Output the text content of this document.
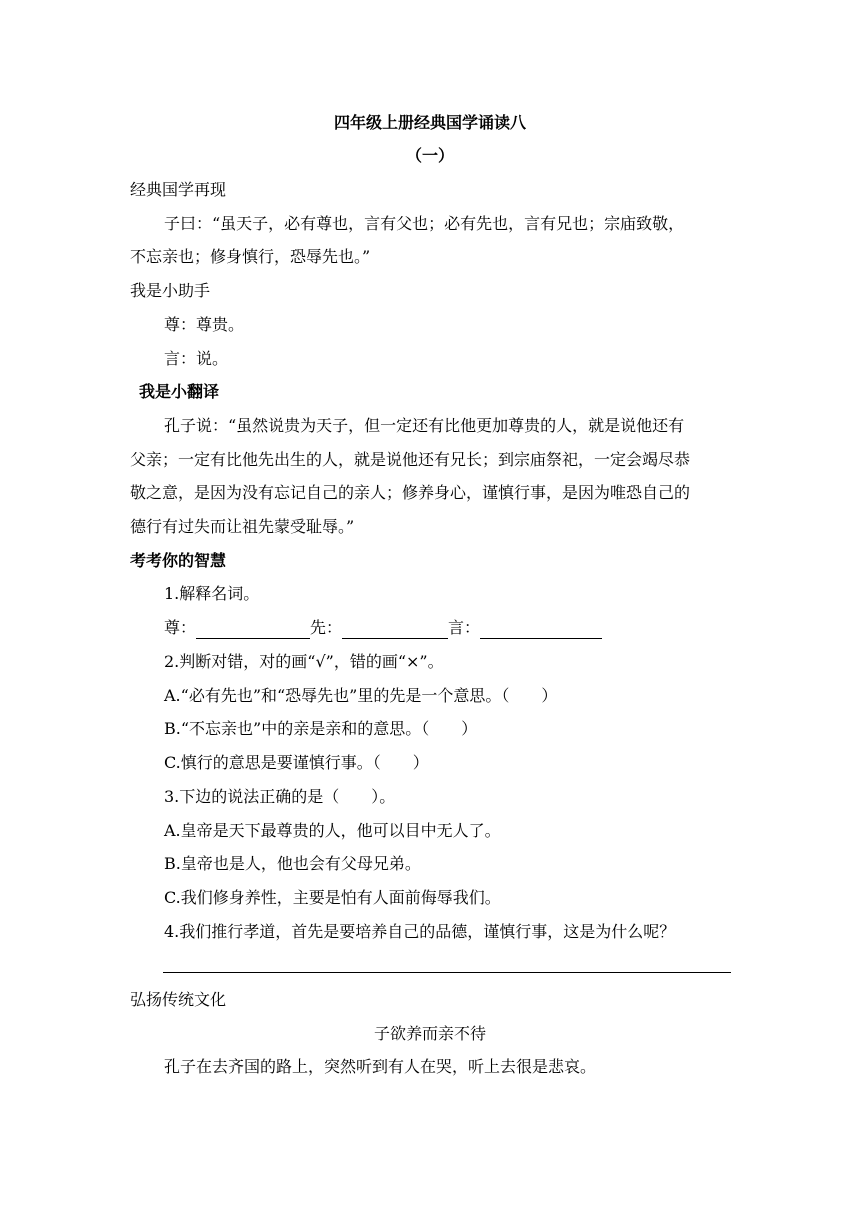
四年级上册经典国学诵读八
（一）
经典国学再现
子曰：“虽天子，必有尊也，言有父也；必有先也，言有兄也；宗庙致敬，
不忘亲也；修身慎行，恐辱先也。”
我是小助手
尊：尊贵。
言：说。
我是小翻译
孔子说：“虽然说贵为天子，但一定还有比他更加尊贵的人，就是说他还有
父亲；一定有比他先出生的人，就是说他还有兄长；到宗庙祭祀，一定会竭尽恭
敬之意，是因为没有忘记自己的亲人；修养身心，谨慎行事，是因为唯恐自己的
德行有过失而让祖先蒙受耻辱。”
考考你的智慧
1.解释名词。
尊：	先：	言：
2.判断对错，对的画“√”，错的画“×”。
A.“必有先也”和“恐辱先也”里的先是一个意思。（　　）
B.“不忘亲也”中的亲是亲和的意思。（　　）
C.慎行的意思是要谨慎行事。（　　）
3.下边的说法正确的是（　　）。
A.皇帝是天下最尊贵的人，他可以目中无人了。
B.皇帝也是人，他也会有父母兄弟。
C.我们修身养性，主要是怕有人面前侮辱我们。
4.我们推行孝道，首先是要培养自己的品德，谨慎行事，这是为什么呢？
弘扬传统文化
子欲养而亲不待
孔子在去齐国的路上，突然听到有人在哭，听上去很是悲哀。
